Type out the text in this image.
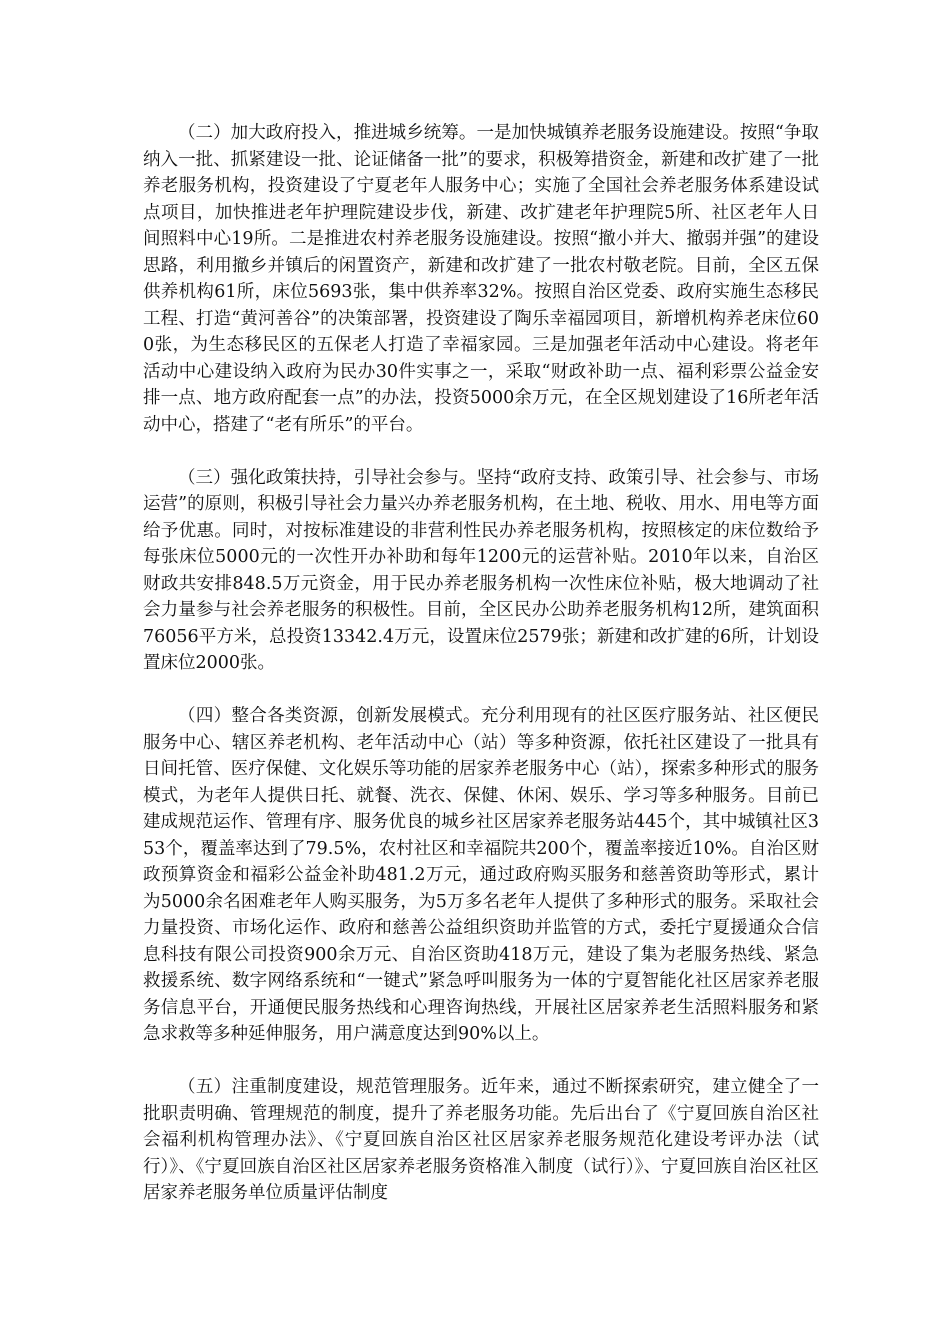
（二）加大政府投入，推进城乡统筹。一是加快城镇养老服务设施建设。按照“争取纳入一批、抓紧建设一批、论证储备一批”的要求，积极筹措资金，新建和改扩建了一批养老服务机构，投资建设了宁夏老年人服务中心；实施了全国社会养老服务体系建设试点项目，加快推进老年护理院建设步伐，新建、改扩建老年护理院5所、社区老年人日间照料中心19所。二是推进农村养老服务设施建设。按照“撤小并大、撤弱并强”的建设思路，利用撤乡并镇后的闲置资产，新建和改扩建了一批农村敬老院。目前，全区五保供养机构61所，床位5693张，集中供养率32%。按照自治区党委、政府实施生态移民工程、打造“黄河善谷”的决策部署，投资建设了陶乐幸福园项目，新增机构养老床位600张，为生态移民区的五保老人打造了幸福家园。三是加强老年活动中心建设。将老年活动中心建设纳入政府为民办30件实事之一，采取“财政补助一点、福利彩票公益金安排一点、地方政府配套一点”的办法，投资5000余万元，在全区规划建设了16所老年活动中心，搭建了“老有所乐”的平台。

（三）强化政策扶持，引导社会参与。坚持“政府支持、政策引导、社会参与、市场运营”的原则，积极引导社会力量兴办养老服务机构，在土地、税收、用水、用电等方面给予优惠。同时，对按标准建设的非营利性民办养老服务机构，按照核定的床位数给予每张床位5000元的一次性开办补助和每年1200元的运营补贴。2010年以来，自治区财政共安排848.5万元资金，用于民办养老服务机构一次性床位补贴，极大地调动了社会力量参与社会养老服务的积极性。目前，全区民办公助养老服务机构12所，建筑面积76056平方米，总投资13342.4万元，设置床位2579张；新建和改扩建的6所，计划设置床位2000张。

（四）整合各类资源，创新发展模式。充分利用现有的社区医疗服务站、社区便民服务中心、辖区养老机构、老年活动中心（站）等多种资源，依托社区建设了一批具有日间托管、医疗保健、文化娱乐等功能的居家养老服务中心（站），探索多种形式的服务模式，为老年人提供日托、就餐、洗衣、保健、休闲、娱乐、学习等多种服务。目前已建成规范运作、管理有序、服务优良的城乡社区居家养老服务站445个，其中城镇社区353个，覆盖率达到了79.5%，农村社区和幸福院共200个，覆盖率接近10%。自治区财政预算资金和福彩公益金补助481.2万元，通过政府购买服务和慈善资助等形式，累计为5000余名困难老年人购买服务，为5万多名老年人提供了多种形式的服务。采取社会力量投资、市场化运作、政府和慈善公益组织资助并监管的方式，委托宁夏援通众合信息科技有限公司投资900余万元、自治区资助418万元，建设了集为老服务热线、紧急救援系统、数字网络系统和“一键式”紧急呼叫服务为一体的宁夏智能化社区居家养老服务信息平台，开通便民服务热线和心理咨询热线，开展社区居家养老生活照料服务和紧急求救等多种延伸服务，用户满意度达到90%以上。

（五）注重制度建设，规范管理服务。近年来，通过不断探索研究，建立健全了一批职责明确、管理规范的制度，提升了养老服务功能。先后出台了《宁夏回族自治区社会福利机构管理办法》、《宁夏回族自治区社区居家养老服务规范化建设考评办法（试行）》、《宁夏回族自治区社区居家养老服务资格准入制度（试行）》、宁夏回族自治区社区居家养老服务单位质量评估制度
